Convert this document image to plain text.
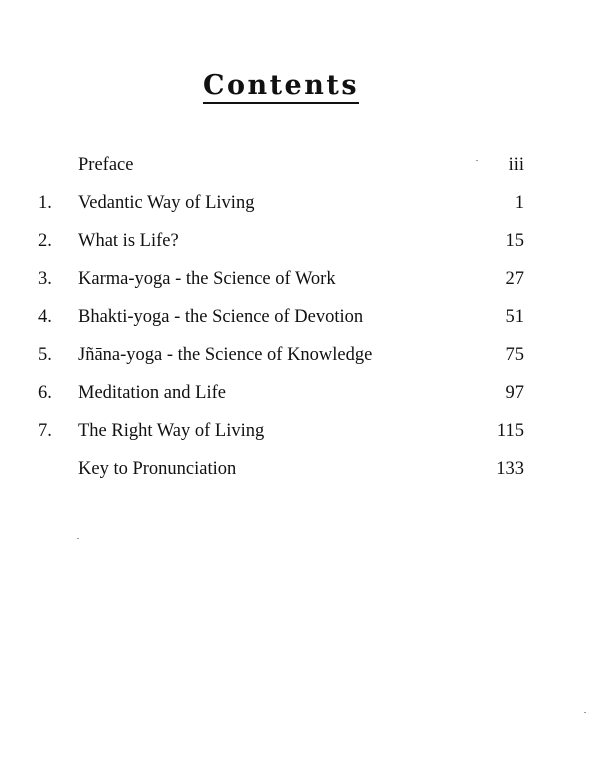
Contents
Preface	iii
1. Vedantic Way of Living	1
2. What is Life?	15
3. Karma-yoga - the Science of Work	27
4. Bhakti-yoga - the Science of Devotion	51
5. Jñāna-yoga - the Science of Knowledge	75
6. Meditation and Life	97
7. The Right Way of Living	115
Key to Pronunciation	133
